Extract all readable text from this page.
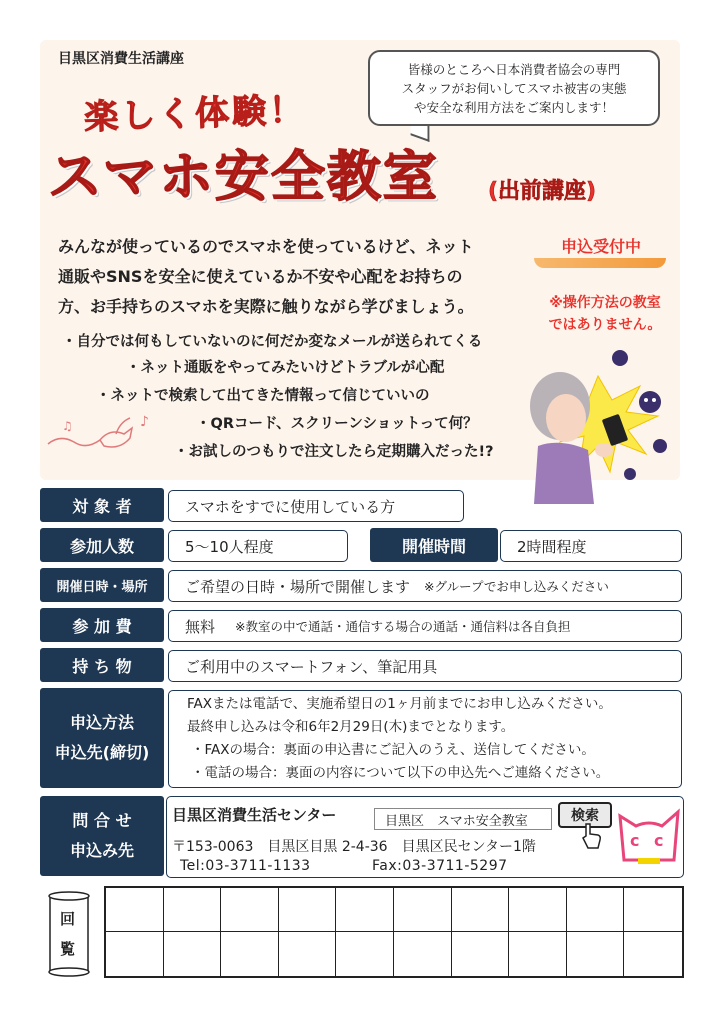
目黒区消費生活講座
皆様のところへ日本消費者協会の専門
スタッフがお伺いしてスマホ被害の実態
や安全な利用方法をご案内します！
楽しく体験！
スマホ安全教室 (出前講座)
みんなが使っているのでスマホを使っているけど、ネット
通販やSNSを安全に使えているか不安や心配をお持ちの
方、お手持ちのスマホを実際に触りながら学びましょう。
申込受付中
※操作方法の教室
ではありません。
・自分では何もしていないのに何だか変なメールが送られてくる
・ネット通販をやってみたいけどトラブルが心配
・ネットで検索して出てきた情報って信じていいの
・QRコード、スクリーンショットって何？
・お試しのつもりで注文したら定期購入だった!?
♪
♫
対 象 者	スマホをすでに使用している方
参加人数	5〜10人程度	開催時間	2時間程度
開催日時・場所	ご希望の日時・場所で開催します ※グループでお申し込みください
参 加 費	無料 ※教室の中で通話・通信する場合の通話・通信料は各自負担
持 ち 物	ご利用中のスマートフォン、筆記用具
申込方法
申込先(締切)
FAXまたは電話で、実施希望日の1ヶ月前までにお申し込みください。
最終申し込みは令和6年2月29日(木)までとなります。
・FAXの場合：裏面の申込書にご記入のうえ、送信してください。
・電話の場合：裏面の内容について以下の申込先へご連絡ください。
問 合 せ
申込み先
目黒区消費生活センター	目黒区　スマホ安全教室	検索
〒153-0063　目黒区目黒 2-4-36　目黒区民センター1階
Tel:03-3711-1133	Fax:03-3711-5297
c c
回
覧
